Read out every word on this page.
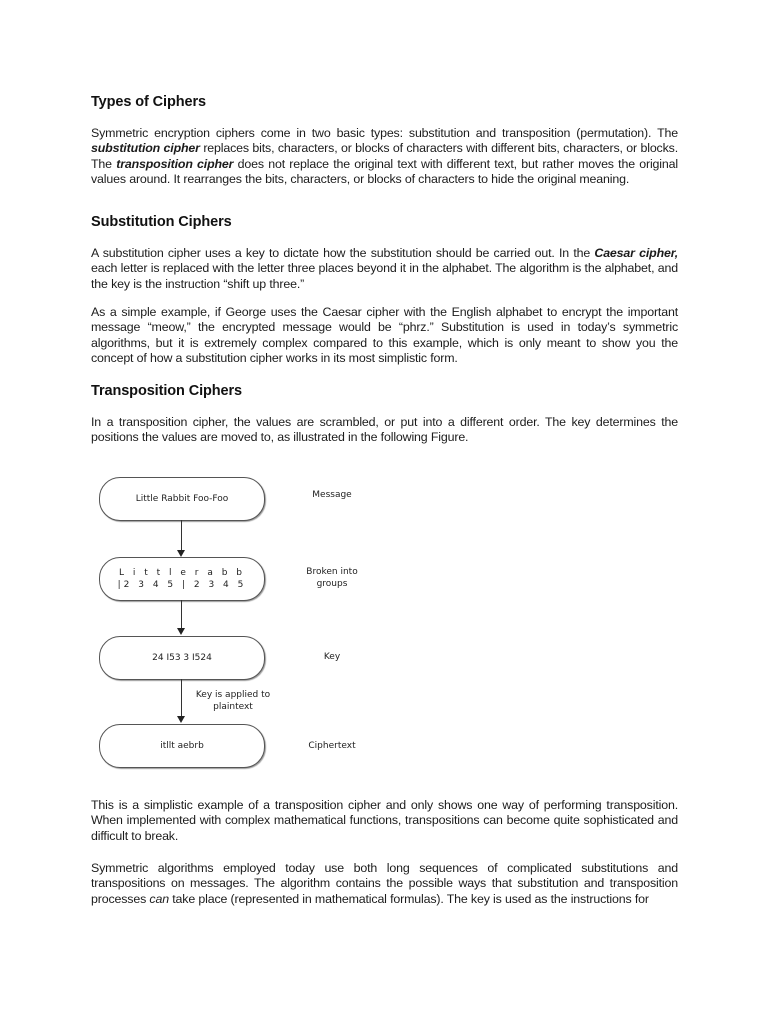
Types of Ciphers

Symmetric encryption ciphers come in two basic types: substitution and transposition (permutation). The substitution cipher replaces bits, characters, or blocks of characters with different bits, characters, or blocks. The transposition cipher does not replace the original text with different text, but rather moves the original values around. It rearranges the bits, characters, or blocks of characters to hide the original meaning.

Substitution Ciphers

A substitution cipher uses a key to dictate how the substitution should be carried out. In the Caesar cipher, each letter is replaced with the letter three places beyond it in the alphabet. The algorithm is the alphabet, and the key is the instruction “shift up three.”

As a simple example, if George uses the Caesar cipher with the English alphabet to encrypt the important message “meow,” the encrypted message would be “phrz.” Substitution is used in today’s symmetric algorithms, but it is extremely complex compared to this example, which is only meant to show you the concept of how a substitution cipher works in its most simplistic form.

Transposition Ciphers

In a transposition cipher, the values are scrambled, or put into a different order. The key determines the positions the values are moved to, as illustrated in the following Figure.

This is a simplistic example of a transposition cipher and only shows one way of performing transposition. When implemented with complex mathematical functions, transpositions can become quite sophisticated and difficult to break.

Symmetric algorithms employed today use both long sequences of complicated substitutions and transpositions on messages. The algorithm contains the possible ways that substitution and transposition processes can take place (represented in mathematical formulas). The key is used as the instructions for

Little Rabbit Foo-Foo	Message
L i t t l e r a b b
|2 3 4 5 | 2 3 4 5
Broken into
groups
24 I53 3 I524	Key
Key is applied to
plaintext
itllt aebrb	Ciphertext
